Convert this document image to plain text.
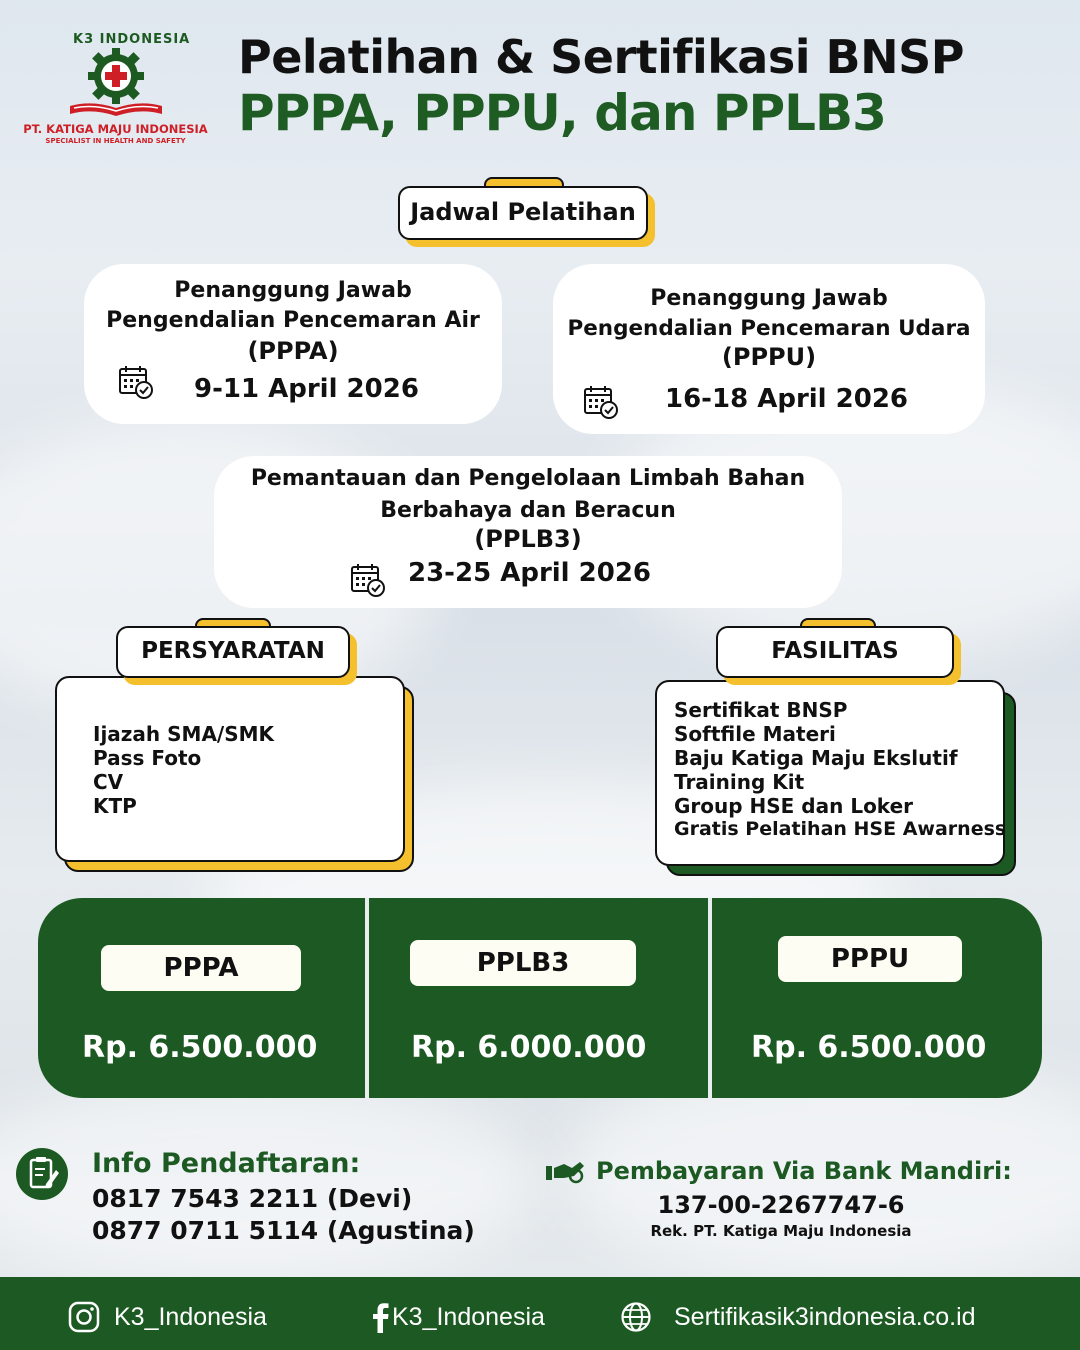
K3 INDONESIA
PT. KATIGA MAJU INDONESIA
SPECIALIST IN HEALTH AND SAFETY
Pelatihan & Sertifikasi BNSP
PPPA, PPPU, dan PPLB3
Jadwal Pelatihan
Penanggung Jawab
Pengendalian Pencemaran Air
(PPPA)
9-11 April 2026
Penanggung Jawab
Pengendalian Pencemaran Udara
(PPPU)
16-18 April 2026
Pemantauan dan Pengelolaan Limbah Bahan
Berbahaya dan Beracun
(PPLB3)
23-25 April 2026
Ijazah SMA/SMK
Pass Foto
CV
KTP
PERSYARATAN
Sertifikat BNSP
Softfile Materi
Baju Katiga Maju Ekslutif
Training Kit
Group HSE dan Loker
Gratis Pelatihan HSE Awarness
FASILITAS
PPPA
Rp. 6.500.000
PPLB3
Rp. 6.000.000
PPPU
Rp. 6.500.000
Info Pendaftaran:
0817 7543 2211 (Devi)
0877 0711 5114 (Agustina)
Pembayaran Via Bank Mandiri:
137-00-2267747-6
Rek. PT. Katiga Maju Indonesia
K3_Indonesia	K3_Indonesia	Sertifikasik3indonesia.co.id
